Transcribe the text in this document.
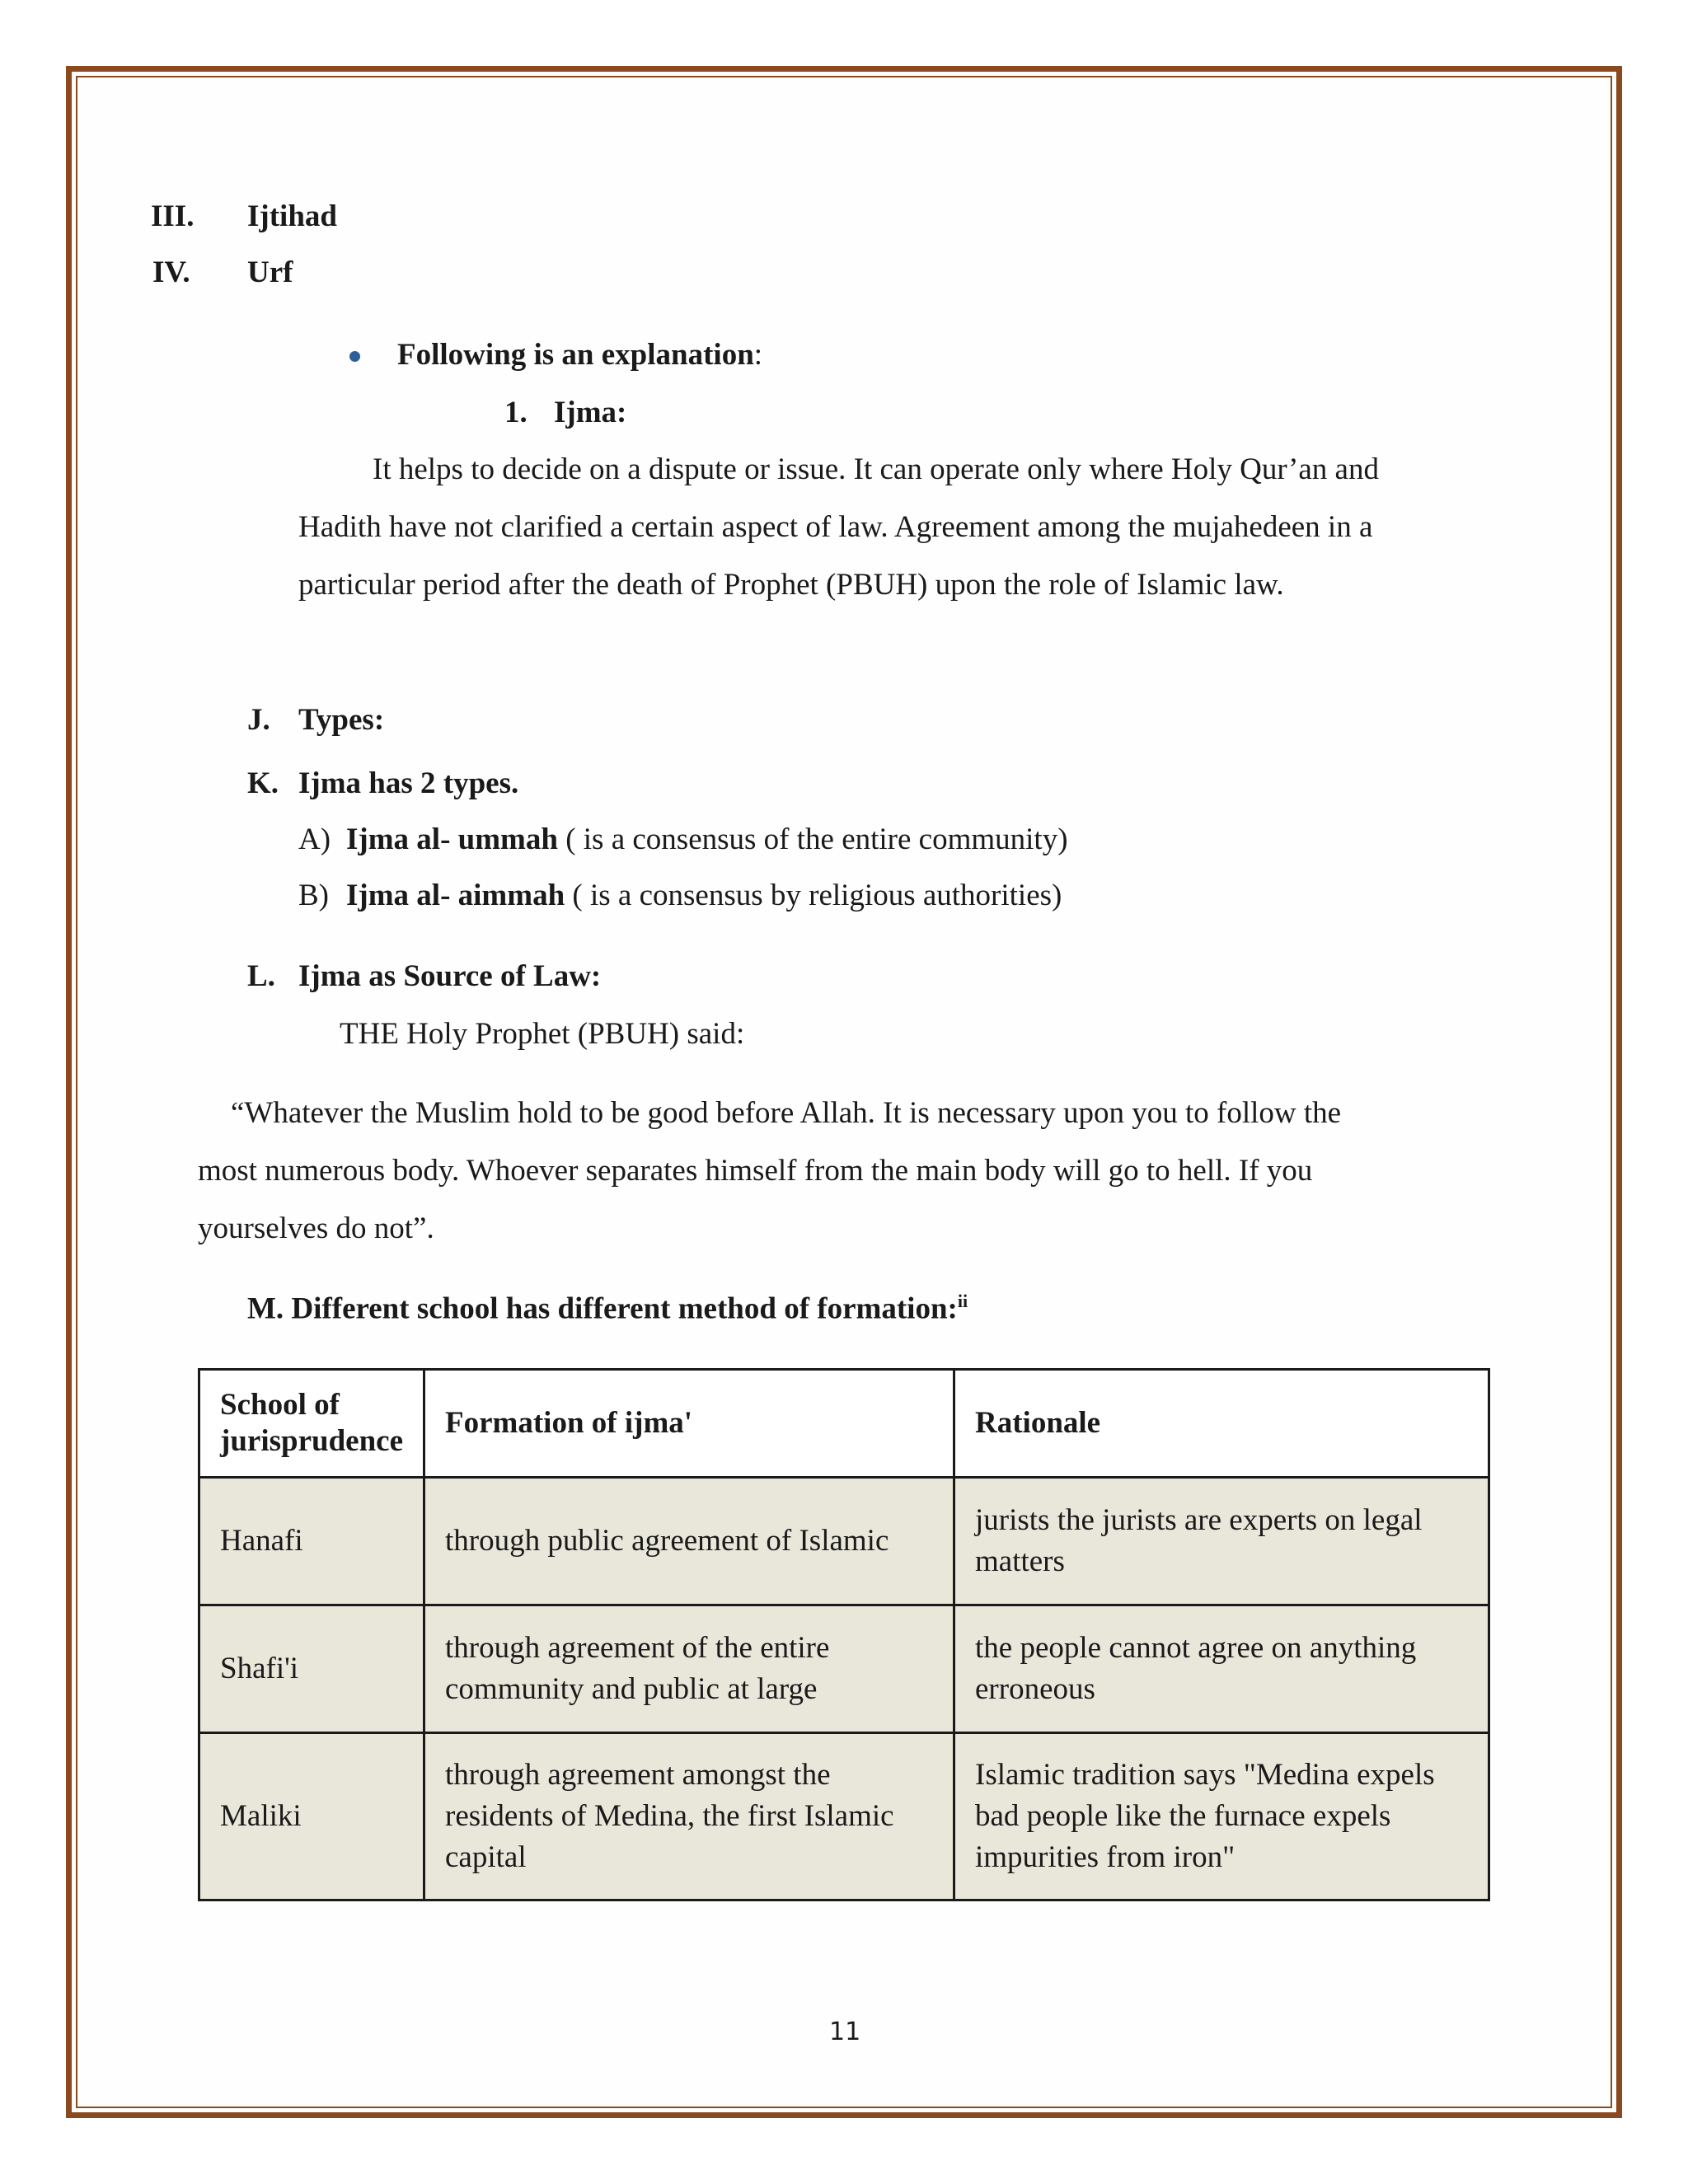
III. Ijtihad
IV. Urf
Following is an explanation:
1. Ijma:
It helps to decide on a dispute or issue. It can operate only where Holy Qur’an and
Hadith have not clarified a certain aspect of law. Agreement among the mujahedeen in a
particular period after the death of Prophet (PBUH) upon the role of Islamic law.
J. Types:
K. Ijma has 2 types.
A) Ijma al- ummah ( is a consensus of the entire community)
B) Ijma al- aimmah ( is a consensus by religious authorities)
L. Ijma as Source of Law:
THE Holy Prophet (PBUH) said:
“Whatever the Muslim hold to be good before Allah. It is necessary upon you to follow the
most numerous body. Whoever separates himself from the main body will go to hell. If you
yourselves do not”.
M. Different school has different method of formation:$^{ii}$
School of jurisprudence	Formation of ijma'	Rationale
Hanafi	through public agreement of Islamic	jurists the jurists are experts on legal matters
Shafi'i	through agreement of the entire community and public at large	the people cannot agree on anything erroneous
Maliki	through agreement amongst the residents of Medina, the first Islamic capital	Islamic tradition says "Medina expels bad people like the furnace expels impurities from iron"
11
